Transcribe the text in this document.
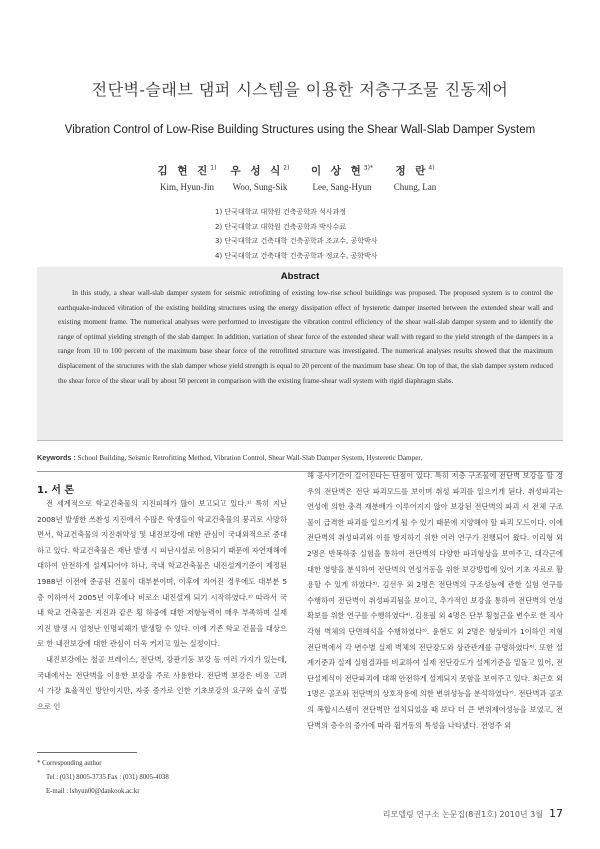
전단벽-슬래브 댐퍼 시스템을 이용한 저층구조물 진동제어
Vibration Control of Low-Rise Building Structures using the Shear Wall-Slab Damper System
김 현 진$^{1)}$
Kim, Hyun-Jin
우 성 식$^{2)}$
Woo, Sung-Sik
이 상 현$^{3)*}$
Lee, Sang-Hyun
정 란$^{4)}$
Chung, Lan
1) 단국대학교 대학원 건축공학과 석사과정
2) 단국대학교 대학원 건축공학과 박사수료
3) 단국대학교 건축대학 건축공학과 조교수, 공학박사
4) 단국대학교 건축대학 건축공학과 정교수, 공학박사
Abstract
In this study, a shear wall-slab damper system for seismic retrofitting of existing low-rise school buildings was proposed. The proposed system is to control the earthquake-induced vibration of the existing building structures using the energy dissipation effect of hysteretic damper inserted between the extended shear wall and existing moment frame. The numerical analyses were performed to investigate the vibration control efficiency of the shear wall-slab damper system and to identify the range of optimal yielding strength of the slab damper. In addition, variation of shear force of the extended shear wall with regard to the yield strength of the dampers in a range from 10 to 100 percent of the maximum base shear force of the retrofitted structure was investigated. The numerical analyses results showed that the maximum displacement of the structures with the slab damper whose yield strength is equal to 20 percent of the maximum base shear. On top of that, the slab damper system reduced the shear force of the shear wall by about 50 percent in comparison with the existing frame-shear wall system with rigid diaphragm slabs.
Keywords : School Building, Seismic Retrofitting Method, Vibration Control, Shear Wall-Slab Damper System, Hysteretic Damper,
1. 서 론

전 세계적으로 학교건축물의 지진피해가 많이 보고되고 있다.¹⁾ 특히 지난 2008년 발생한 쓰촨성 지진에서 수많은 학생들이 학교건축물의 붕괴로 사망하면서, 학교건축물의 지진취약성 및 내진보강에 대한 관심이 국내외적으로 증대하고 있다. 학교건축물은 재난 발생 시 피난시설로 이용되기 때문에 자연재해에 대하여 안전하게 설계되어야 하나, 국내 학교건축물은 내진설계기준이 제정된 1988년 이전에 준공된 건물이 대부분이며, 이후에 지어진 경우에도 대부분 5층 이하여서 2005년 이후에나 비로소 내진설계 되기 시작하였다.²⁾ 따라서 국내 학교 건축물은 지진과 같은 횡 하중에 대한 저항능력이 매우 부족하며 실제 지진 발생 시 엄청난 인명피해가 발생할 수 있다. 이에 기존 학교 건물을 대상으로 한 내진보강에 대한 관심이 더욱 커지고 있는 실정이다.

내진보강에는 철골 브레이스, 전단벽, 강판기둥 보강 등 여러 가지가 있는데, 국내에서는 전단벽을 이용한 보강을 주로 사용한다. 전단벽 보강은 비용 고려 시 가장 효율적인 방안이지만, 자중 증가로 인한 기초보강의 요구와 습식 공법으로 인

해 공사기간이 길어진다는 단점이 있다. 특히 저층 구조물에 전단벽 보강을 할 경우의 전단벽은 전단 파괴모드를 보이며 취성 파괴를 일으키게 된다. 취성파괴는 연성에 의한 충격 재분배가 이루어지지 않아 보강된 전단벽의 파괴 시 전체 구조물이 급격한 파괴를 일으키게 될 수 있기 때문에 지양해야 할 파괴 모드이다. 이에 전단벽의 취성파괴와 이를 방지하기 위한 여러 연구가 진행되어 왔다. 이리형 외 2명은 반복하중 실험을 통하여 전단벽의 다양한 파괴형상을 보여주고, 대각근에 대한 영향을 분석하여 전단벽의 연성거동을 위한 보강방법에 있어 기초 자료로 활용할 수 있게 하였다³⁾. 김선우 외 2명은 전단벽의 구조성능에 관한 실험 연구를 수행하여 전단벽이 취성파괴됨을 보이고, 추가적인 보강을 통하여 전단벽의 연성확보를 위한 연구를 수행하였다⁴⁾. 김용필 외 4명은 단부 횡철근을 변수로 한 직사각형 벽체의 단면해석을 수행하였다⁵⁾. 윤현도 외 2명은 형상비가 1이하인 저형 전단벽에서 각 변수별 실제 벽체의 전단강도와 상관관계를 규명하였다⁶⁾. 또한 설계기준과 실제 실험결과를 비교하여 실제 전단강도가 설계기준을 밑돌고 있어, 전단설계식이 전단파괴에 대해 안전하게 설계되지 못함을 보여주고 있다. 최근호 외 1명은 골조와 전단벽의 상호작용에 의한 변위성능을 분석하였다⁷⁾. 전단벽과 골조의 복합시스템이 전단벽만 설치되었을 때 보다 더 큰 변위제어성능을 보였고, 전단벽의 층수의 증가에 따라 휨거동의 특성을 나타냈다. 전영주 외

* Corresponding author
Tel : (031) 8005-3735 Fax : (031) 8005-4038
E-mail : lshyun00@dankook.ac.kr
리모델링 연구소 논문집(8권1호) 2010년 3월 17
